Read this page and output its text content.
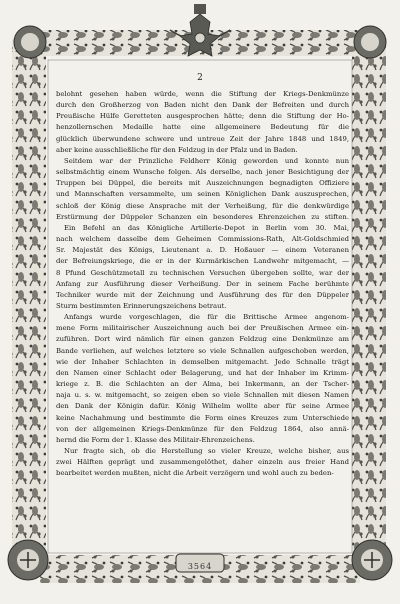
2
belohnt gesehen haben würde, wenn die Stiftung der Kriegs-Denkmünze
durch den Großherzog von Baden nicht den Dank der Befreiten und durch
Preußische Hülfe Geretteten ausgesprochen hätte; denn die Stiftung der Ho-
henzollernschen Medaille hatte eine allgemeinere Bedeutung für die
glücklich überwundene schwere und untreue Zeit der Jahre 1848 und 1849,
aber keine ausschließliche für den Feldzug in der Pfalz und in Baden.
Seitdem war der Prinzliche Feldherr König geworden und konnte nun
selbstmächtig einem Wunsche folgen. Als derselbe, nach jener Besichtigung der
Truppen bei Düppel, die bereits mit Auszeichnungen begnadigten Offiziere
und Mannschaften versammelte, um seinen Königlichen Dank auszusprechen,
schloß der König diese Ansprache mit der Verheißung, für die denkwürdige
Erstürmung der Düppeler Schanzen ein besonderes Ehrenzeichen zu stiften.
Ein Befehl an das Königliche Artillerie-Depot in Berlin vom 30. Mai,
nach welchem dasselbe dem Geheimen Commissions-Rath, Alt-Goldschmied
Sr. Majestät des Königs, Lieutenant a. D. Hoßauer — einem Veteranen
der Befreiungskriege, die er in der Kurmärkischen Landwehr mitgemacht, —
8 Pfund Geschützmetall zu technischen Versuchen übergeben sollte, war der
Anfang zur Ausführung dieser Verheißung. Der in seinem Fache berühmte
Techniker wurde mit der Zeichnung und Ausführung des für den Düppeler
Sturm bestimmten Erinnerungszeichens betraut.
Anfangs wurde vorgeschlagen, die für die Brittische Armee angenom-
mene Form militairischer Auszeichnung auch bei der Preußischen Armee ein-
zuführen. Dort wird nämlich für einen ganzen Feldzug eine Denkmünze am
Bande verliehen, auf welches letztere so viele Schnallen aufgeschoben werden,
wie der Inhaber Schlachten in demselben mitgemacht. Jede Schnalle trägt
den Namen einer Schlacht oder Belagerung, und hat der Inhaber im Krimm-
kriege z. B. die Schlachten an der Alma, bei Inkermann, an der Tscher-
naja u. s. w. mitgemacht, so zeigen eben so viele Schnallen mit diesen Namen
den Dank der Königin dafür. König Wilhelm wollte aber für seine Armee
keine Nachahmung und bestimmte die Form eines Kreuzes zum Unterschiede
von der allgemeinen Kriegs-Denkmünze für den Feldzug 1864, also annä-
hernd die Form der 1. Klasse des Militair-Ehrenzeichens.
Nur fragte sich, ob die Herstellung so vieler Kreuze, welche bisher, aus
zwei Hälften geprägt und zusammengelöthet, daher einzeln aus freier Hand
bearbeitet werden mußten, nicht die Arbeit verzögern und wohl auch zu beden-
3564
